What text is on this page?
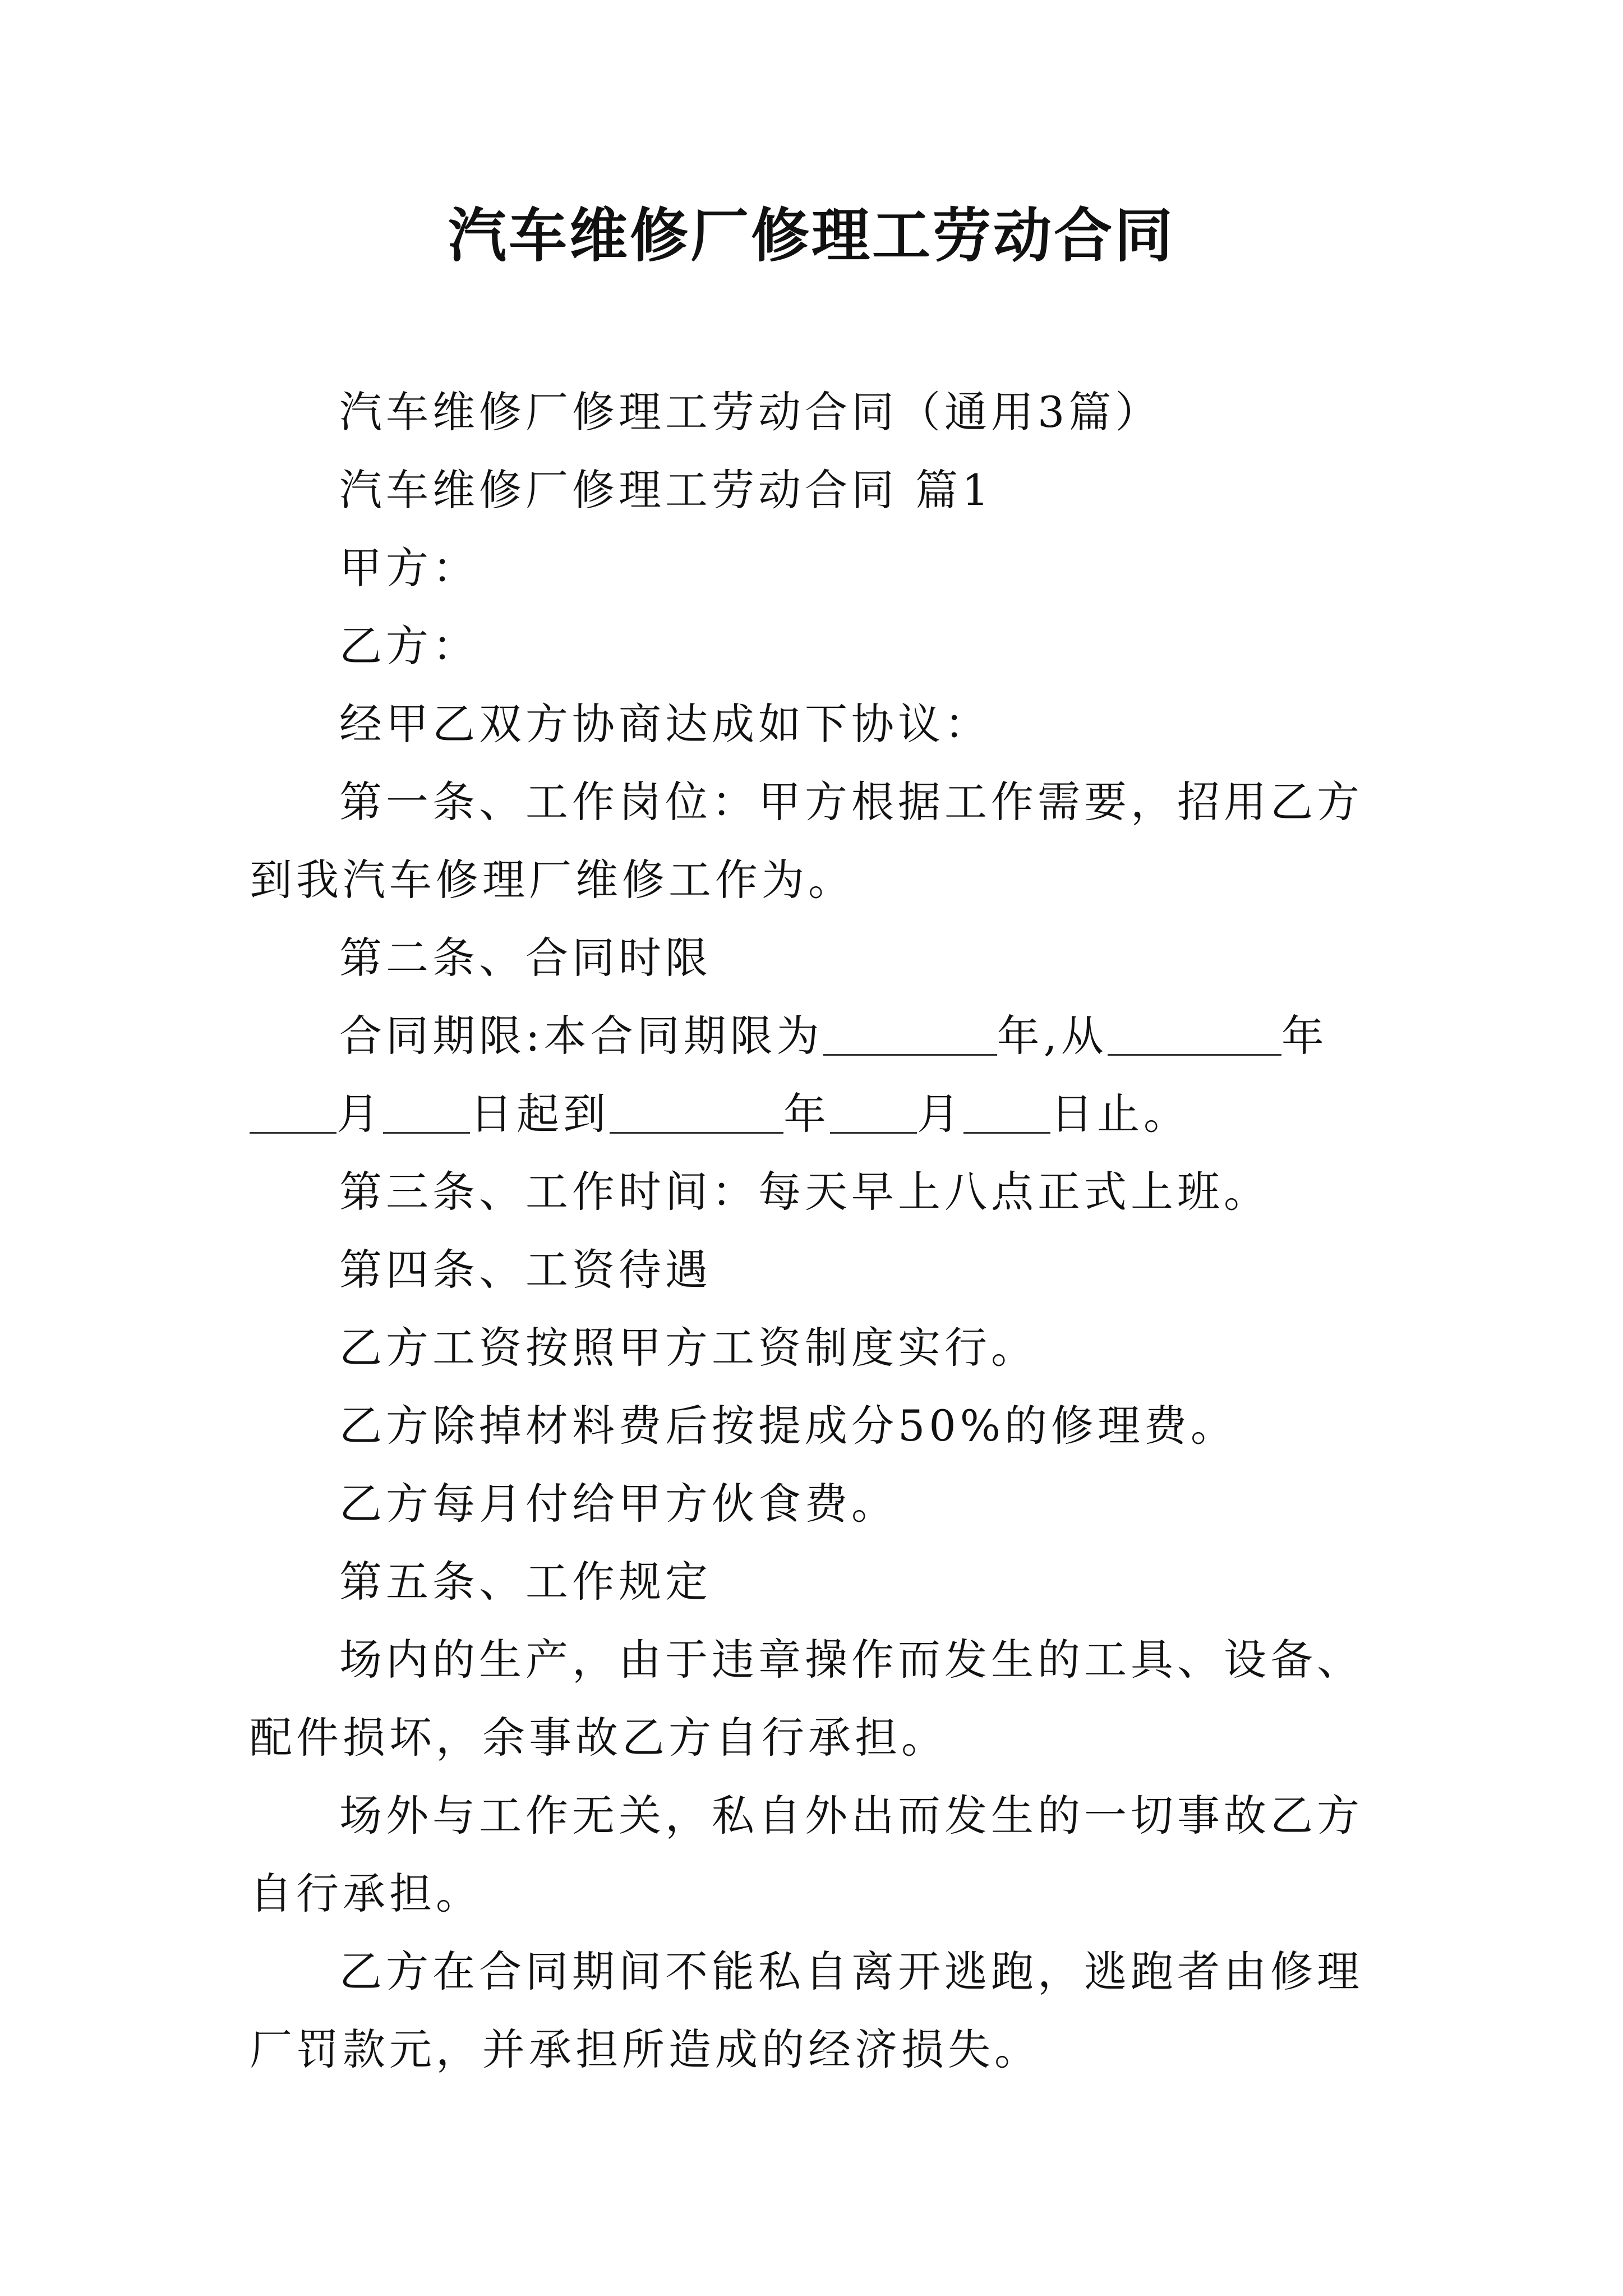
汽车维修厂修理工劳动合同

汽车维修厂修理工劳动合同（通用3篇）

汽车维修厂修理工劳动合同 篇1

甲方：

乙方：

经甲乙双方协商达成如下协议：

第一条、工作岗位：甲方根据工作需要，招用乙方到我汽车修理厂维修工作为。

第二条、合同时限

合同期限:本合同期限为	年,从	年月 日起到	年 月 日止。

第三条、工作时间：每天早上八点正式上班。

第四条、工资待遇

乙方工资按照甲方工资制度实行。

乙方除掉材料费后按提成分50%的修理费。

乙方每月付给甲方伙食费。

第五条、工作规定

场内的生产，由于违章操作而发生的工具、设备、配件损坏，余事故乙方自行承担。

场外与工作无关，私自外出而发生的一切事故乙方自行承担。

乙方在合同期间不能私自离开逃跑，逃跑者由修理厂罚款元，并承担所造成的经济损失。
